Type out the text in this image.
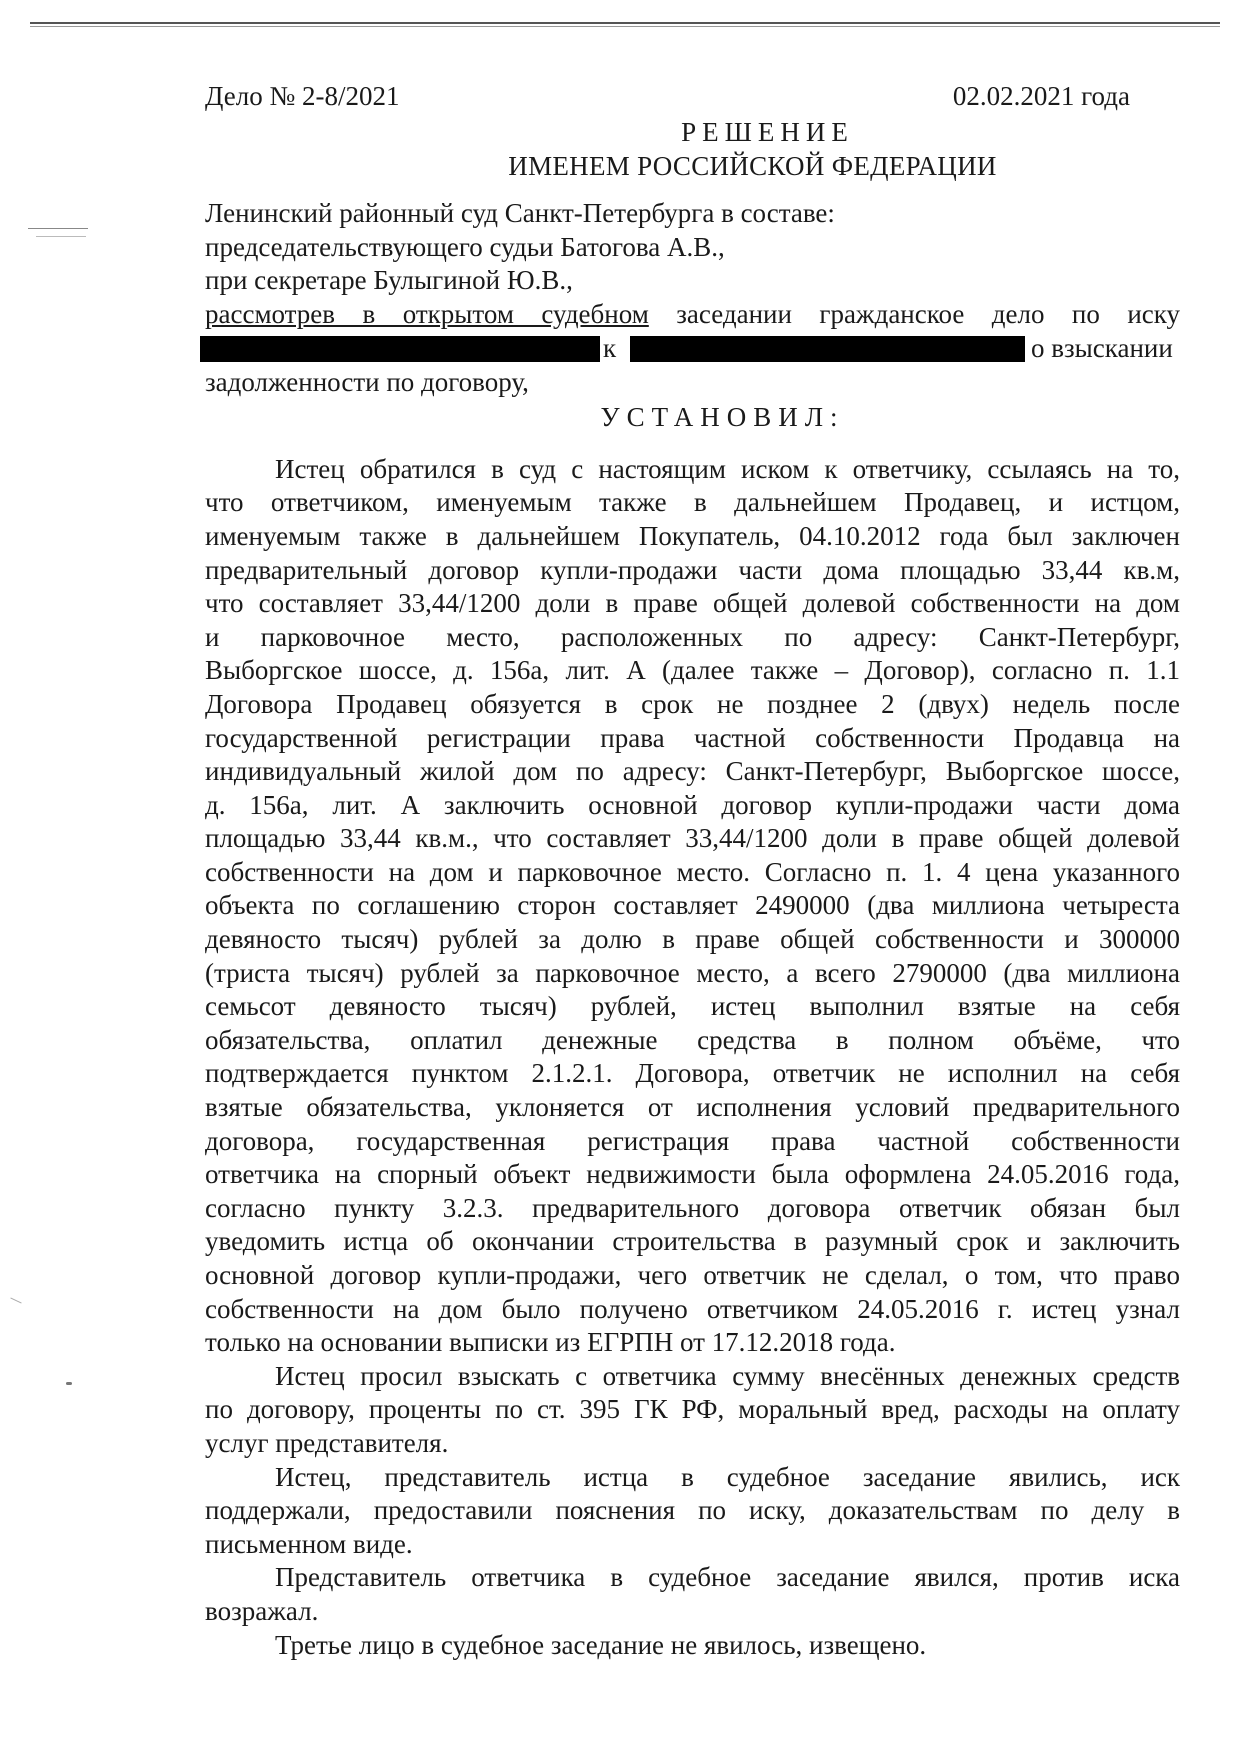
Дело № 2-8/2021	02.02.2021 года
РЕШЕНИЕ
ИМЕНЕМ РОССИЙСКОЙ ФЕДЕРАЦИИ
Ленинский районный суд Санкт-Петербурга в составе:
председательствующего судьи Батогова А.В.,
при секретаре Булыгиной Ю.В.,
рассмотрев в открытом судебном заседании гражданское дело по иску
к	о взыскании
задолженности по договору,
УСТАНОВИЛ:
Истец обратился в суд с настоящим иском к ответчику, ссылаясь на то,
что ответчиком, именуемым также в дальнейшем Продавец, и истцом,
именуемым также в дальнейшем Покупатель, 04.10.2012 года был заключен
предварительный договор купли-продажи части дома площадью 33,44 кв.м,
что составляет 33,44/1200 доли в праве общей долевой собственности на дом
и парковочное место, расположенных по адресу: Санкт-Петербург,
Выборгское шоссе, д. 156а, лит. А (далее также – Договор), согласно п. 1.1
Договора Продавец обязуется в срок не позднее 2 (двух) недель после
государственной регистрации права частной собственности Продавца на
индивидуальный жилой дом по адресу: Санкт-Петербург, Выборгское шоссе,
д. 156а, лит. А заключить основной договор купли-продажи части дома
площадью 33,44 кв.м., что составляет 33,44/1200 доли в праве общей долевой
собственности на дом и парковочное место. Согласно п. 1. 4 цена указанного
объекта по соглашению сторон составляет 2490000 (два миллиона четыреста
девяносто тысяч) рублей за долю в праве общей собственности и 300000
(триста тысяч) рублей за парковочное место, а всего 2790000 (два миллиона
семьсот девяносто тысяч) рублей, истец выполнил взятые на себя
обязательства, оплатил денежные средства в полном объёме, что
подтверждается пунктом 2.1.2.1. Договора, ответчик не исполнил на себя
взятые обязательства, уклоняется от исполнения условий предварительного
договора, государственная регистрация права частной собственности
ответчика на спорный объект недвижимости была оформлена 24.05.2016 года,
согласно пункту 3.2.3. предварительного договора ответчик обязан был
уведомить истца об окончании строительства в разумный срок и заключить
основной договор купли-продажи, чего ответчик не сделал, о том, что право
собственности на дом было получено ответчиком 24.05.2016 г. истец узнал
только на основании выписки из ЕГРПН от 17.12.2018 года.
Истец просил взыскать с ответчика сумму внесённых денежных средств
по договору, проценты по ст. 395 ГК РФ, моральный вред, расходы на оплату
услуг представителя.
Истец, представитель истца в судебное заседание явились, иск
поддержали, предоставили пояснения по иску, доказательствам по делу в
письменном виде.
Представитель ответчика в судебное заседание явился, против иска
возражал.
Третье лицо в судебное заседание не явилось, извещено.
